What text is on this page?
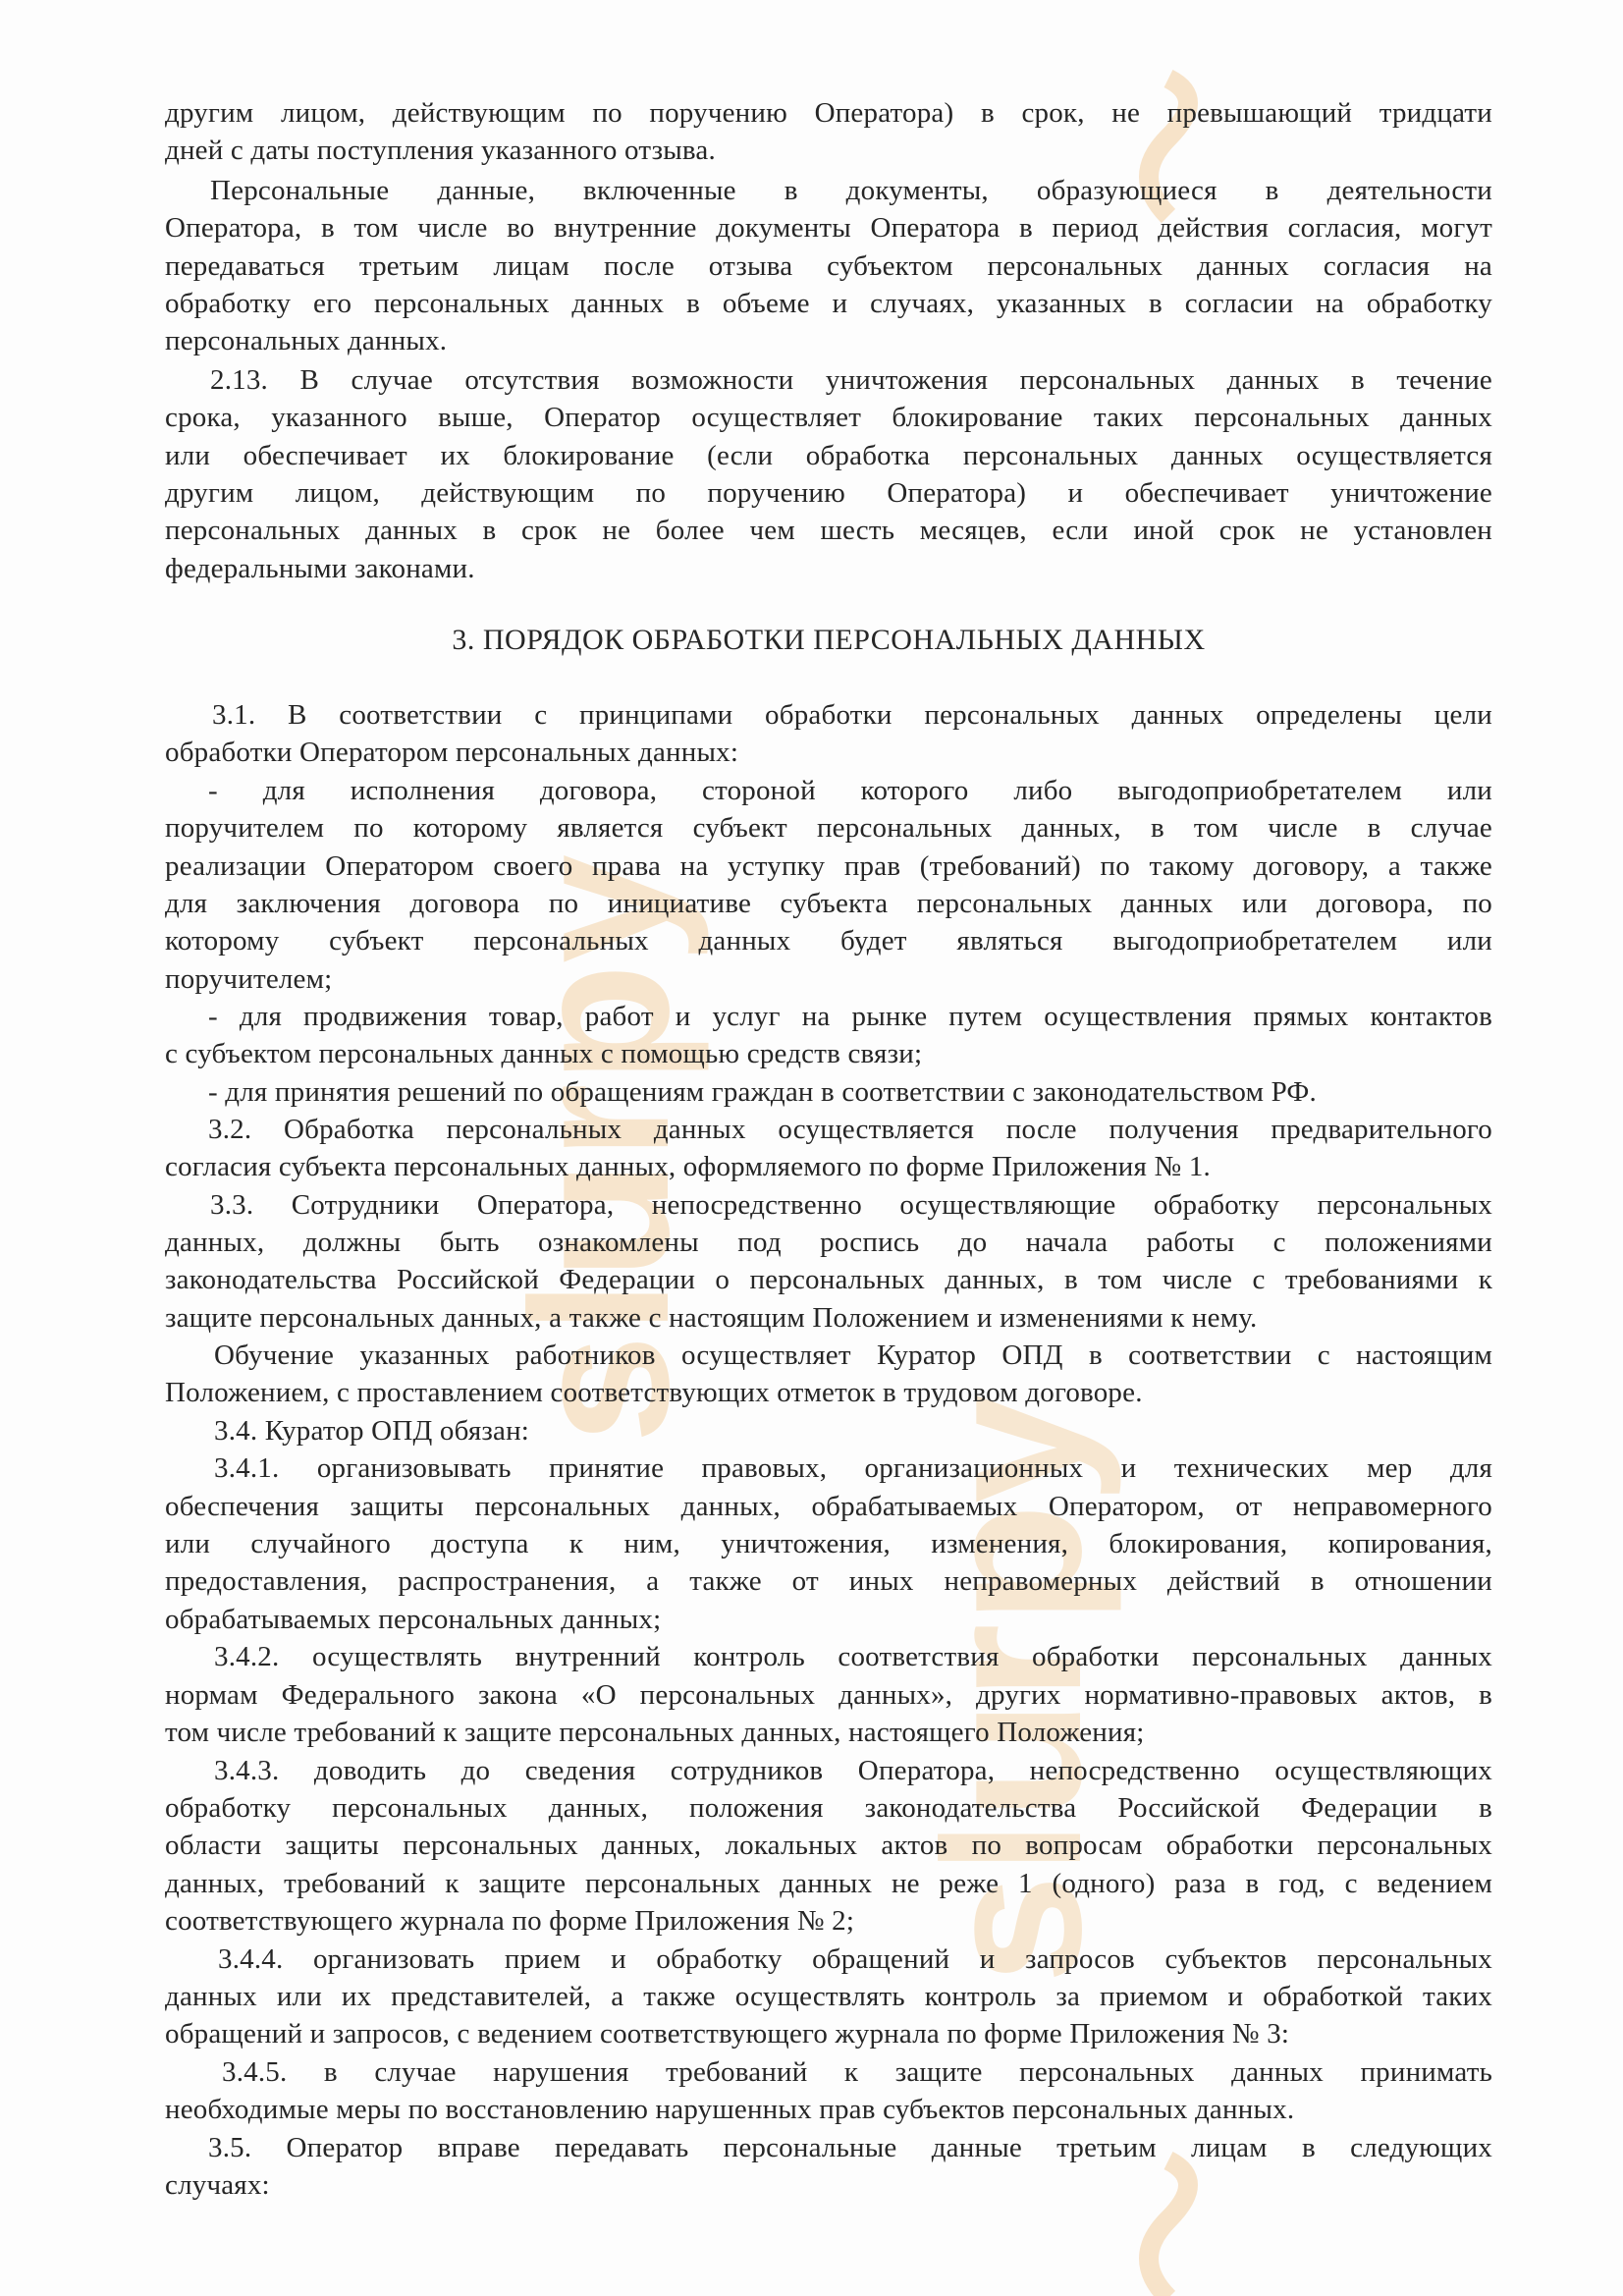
slurpy
slurpy
другим лицом, действующим по поручению Оператора) в срок, не превышающий тридцати
дней с даты поступления указанного отзыва.
Персональные данные, включенные в документы, образующиеся в деятельности
Оператора, в том числе во внутренние документы Оператора в период действия согласия, могут
передаваться третьим лицам после отзыва субъектом персональных данных согласия на
обработку его персональных данных в объеме и случаях, указанных в согласии на обработку
персональных данных.
2.13. В случае отсутствия возможности уничтожения персональных данных в течение
срока, указанного выше, Оператор осуществляет блокирование таких персональных данных
или обеспечивает их блокирование (если обработка персональных данных осуществляется
другим лицом, действующим по поручению Оператора) и обеспечивает уничтожение
персональных данных в срок не более чем шесть месяцев, если иной срок не установлен
федеральными законами.
3. ПОРЯДОК ОБРАБОТКИ ПЕРСОНАЛЬНЫХ ДАННЫХ
3.1. В соответствии с принципами обработки персональных данных определены цели
обработки Оператором персональных данных:
- для исполнения договора, стороной которого либо выгодоприобретателем или
поручителем по которому является субъект персональных данных, в том числе в случае
реализации Оператором своего права на уступку прав (требований) по такому договору, а также
для заключения договора по инициативе субъекта персональных данных или договора, по
которому субъект персональных данных будет являться выгодоприобретателем или
поручителем;
- для продвижения товар, работ и услуг на рынке путем осуществления прямых контактов
с субъектом персональных данных с помощью средств связи;
- для принятия решений по обращениям граждан в соответствии с законодательством РФ.
3.2. Обработка персональных данных осуществляется после получения предварительного
согласия субъекта персональных данных, оформляемого по форме Приложения № 1.
3.3. Сотрудники Оператора, непосредственно осуществляющие обработку персональных
данных, должны быть ознакомлены под роспись до начала работы с положениями
законодательства Российской Федерации о персональных данных, в том числе с требованиями к
защите персональных данных, а также с настоящим Положением и изменениями к нему.
Обучение указанных работников осуществляет Куратор ОПД в соответствии с настоящим
Положением, с проставлением соответствующих отметок в трудовом договоре.
3.4. Куратор ОПД обязан:
3.4.1. организовывать принятие правовых, организационных и технических мер для
обеспечения защиты персональных данных, обрабатываемых Оператором, от неправомерного
или случайного доступа к ним, уничтожения, изменения, блокирования, копирования,
предоставления, распространения, а также от иных неправомерных действий в отношении
обрабатываемых персональных данных;
3.4.2. осуществлять внутренний контроль соответствия обработки персональных данных
нормам Федерального закона «О персональных данных», других нормативно-правовых актов, в
том числе требований к защите персональных данных, настоящего Положения;
3.4.3. доводить до сведения сотрудников Оператора, непосредственно осуществляющих
обработку персональных данных, положения законодательства Российской Федерации в
области защиты персональных данных, локальных актов по вопросам обработки персональных
данных, требований к защите персональных данных не реже 1 (одного) раза в год, с ведением
соответствующего журнала по форме Приложения № 2;
3.4.4. организовать прием и обработку обращений и запросов субъектов персональных
данных или их представителей, а также осуществлять контроль за приемом и обработкой таких
обращений и запросов, с ведением соответствующего журнала по форме Приложения № 3:
3.4.5. в случае нарушения требований к защите персональных данных принимать
необходимые меры по восстановлению нарушенных прав субъектов персональных данных.
3.5. Оператор вправе передавать персональные данные третьим лицам в следующих
случаях:
